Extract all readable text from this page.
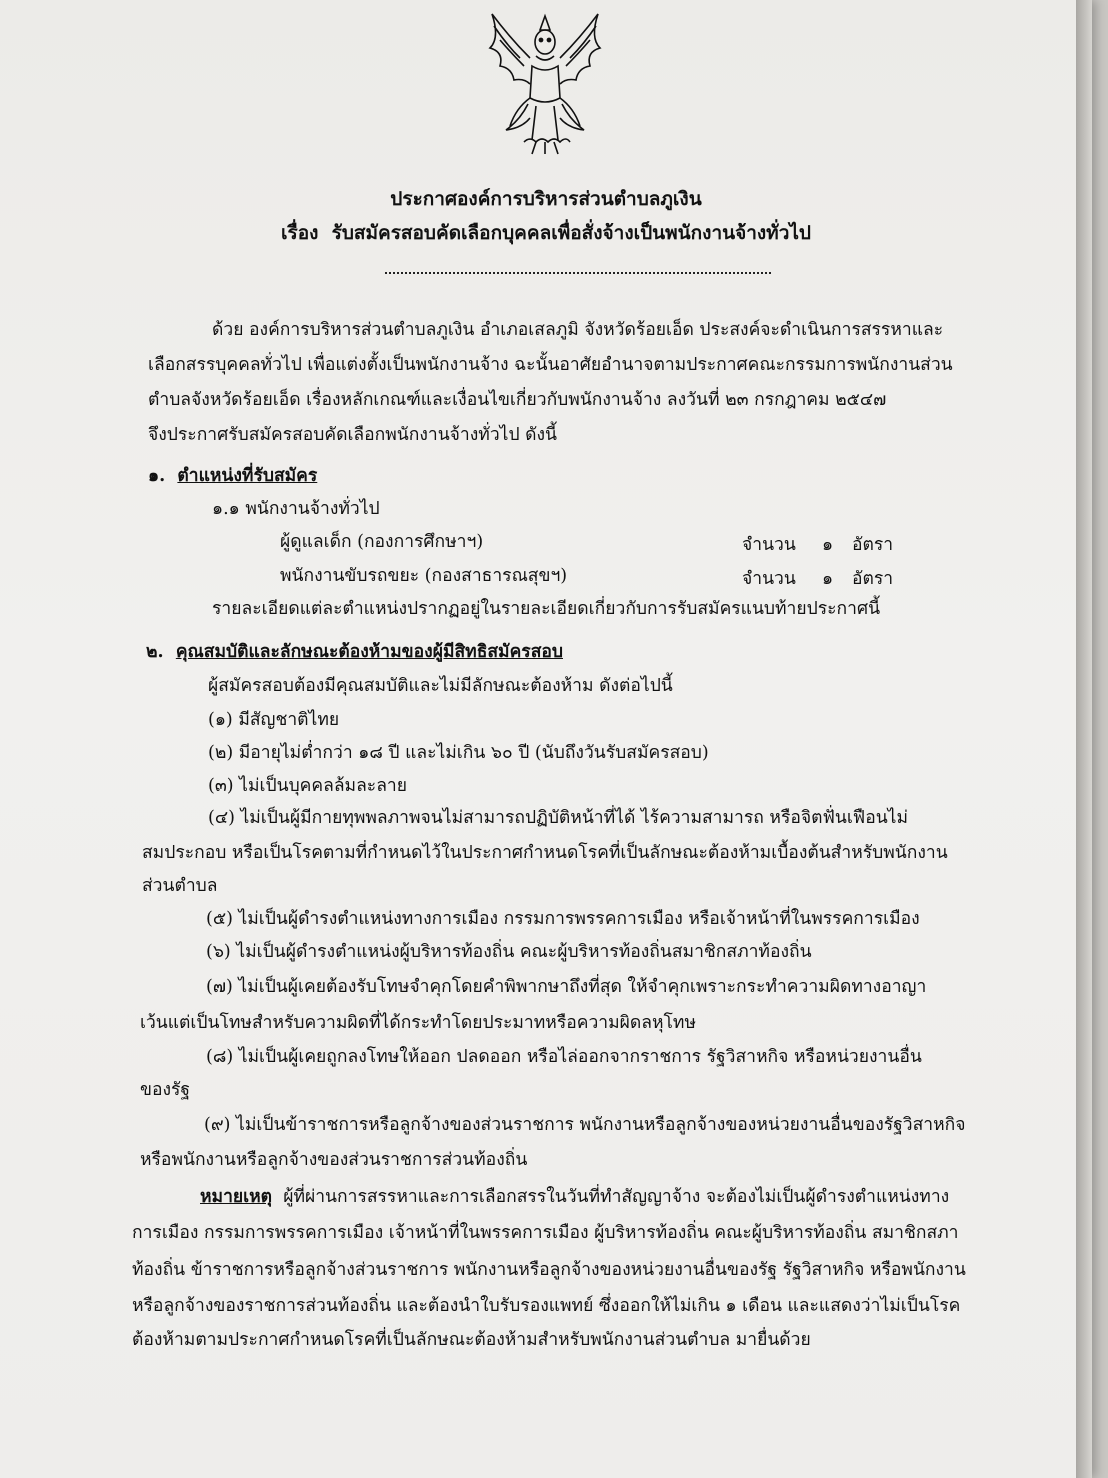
ประกาศองค์การบริหารส่วนตำบลภูเงิน
เรื่อง รับสมัครสอบคัดเลือกบุคคลเพื่อสั่งจ้างเป็นพนักงานจ้างทั่วไป
ด้วย องค์การบริหารส่วนตำบลภูเงิน อำเภอเสลภูมิ จังหวัดร้อยเอ็ด ประสงค์จะดำเนินการสรรหาและ
เลือกสรรบุคคลทั่วไป เพื่อแต่งตั้งเป็นพนักงานจ้าง ฉะนั้นอาศัยอำนาจตามประกาศคณะกรรมการพนักงานส่วน
ตำบลจังหวัดร้อยเอ็ด เรื่องหลักเกณฑ์และเงื่อนไขเกี่ยวกับพนักงานจ้าง ลงวันที่ ๒๓ กรกฎาคม ๒๕๔๗
จึงประกาศรับสมัครสอบคัดเลือกพนักงานจ้างทั่วไป ดังนี้
๑. ตำแหน่งที่รับสมัคร
๑.๑ พนักงานจ้างทั่วไป
ผู้ดูแลเด็ก (กองการศึกษาฯ)	จำนวน ๑ อัตรา
พนักงานขับรถขยะ (กองสาธารณสุขฯ)	จำนวน ๑ อัตรา
รายละเอียดแต่ละตำแหน่งปรากฏอยู่ในรายละเอียดเกี่ยวกับการรับสมัครแนบท้ายประกาศนี้
๒. คุณสมบัติและลักษณะต้องห้ามของผู้มีสิทธิสมัครสอบ
ผู้สมัครสอบต้องมีคุณสมบัติและไม่มีลักษณะต้องห้าม ดังต่อไปนี้
(๑) มีสัญชาติไทย
(๒) มีอายุไม่ต่ำกว่า ๑๘ ปี และไม่เกิน ๖๐ ปี (นับถึงวันรับสมัครสอบ)
(๓) ไม่เป็นบุคคลล้มละลาย
(๔) ไม่เป็นผู้มีกายทุพพลภาพจนไม่สามารถปฏิบัติหน้าที่ได้ ไร้ความสามารถ หรือจิตฟั่นเฟือนไม่
สมประกอบ หรือเป็นโรคตามที่กำหนดไว้ในประกาศกำหนดโรคที่เป็นลักษณะต้องห้ามเบื้องต้นสำหรับพนักงาน
ส่วนตำบล
(๕) ไม่เป็นผู้ดำรงตำแหน่งทางการเมือง กรรมการพรรคการเมือง หรือเจ้าหน้าที่ในพรรคการเมือง
(๖) ไม่เป็นผู้ดำรงตำแหน่งผู้บริหารท้องถิ่น คณะผู้บริหารท้องถิ่นสมาชิกสภาท้องถิ่น
(๗) ไม่เป็นผู้เคยต้องรับโทษจำคุกโดยคำพิพากษาถึงที่สุด ให้จำคุกเพราะกระทำความผิดทางอาญา
เว้นแต่เป็นโทษสำหรับความผิดที่ได้กระทำโดยประมาทหรือความผิดลหุโทษ
(๘) ไม่เป็นผู้เคยถูกลงโทษให้ออก ปลดออก หรือไล่ออกจากราชการ รัฐวิสาหกิจ หรือหน่วยงานอื่น
ของรัฐ
(๙) ไม่เป็นข้าราชการหรือลูกจ้างของส่วนราชการ พนักงานหรือลูกจ้างของหน่วยงานอื่นของรัฐวิสาหกิจ
หรือพนักงานหรือลูกจ้างของส่วนราชการส่วนท้องถิ่น
หมายเหตุ ผู้ที่ผ่านการสรรหาและการเลือกสรรในวันที่ทำสัญญาจ้าง จะต้องไม่เป็นผู้ดำรงตำแหน่งทาง
การเมือง กรรมการพรรคการเมือง เจ้าหน้าที่ในพรรคการเมือง ผู้บริหารท้องถิ่น คณะผู้บริหารท้องถิ่น สมาชิกสภา
ท้องถิ่น ข้าราชการหรือลูกจ้างส่วนราชการ พนักงานหรือลูกจ้างของหน่วยงานอื่นของรัฐ รัฐวิสาหกิจ หรือพนักงาน
หรือลูกจ้างของราชการส่วนท้องถิ่น และต้องนำใบรับรองแพทย์ ซึ่งออกให้ไม่เกิน ๑ เดือน และแสดงว่าไม่เป็นโรค
ต้องห้ามตามประกาศกำหนดโรคที่เป็นลักษณะต้องห้ามสำหรับพนักงานส่วนตำบล มายื่นด้วย
